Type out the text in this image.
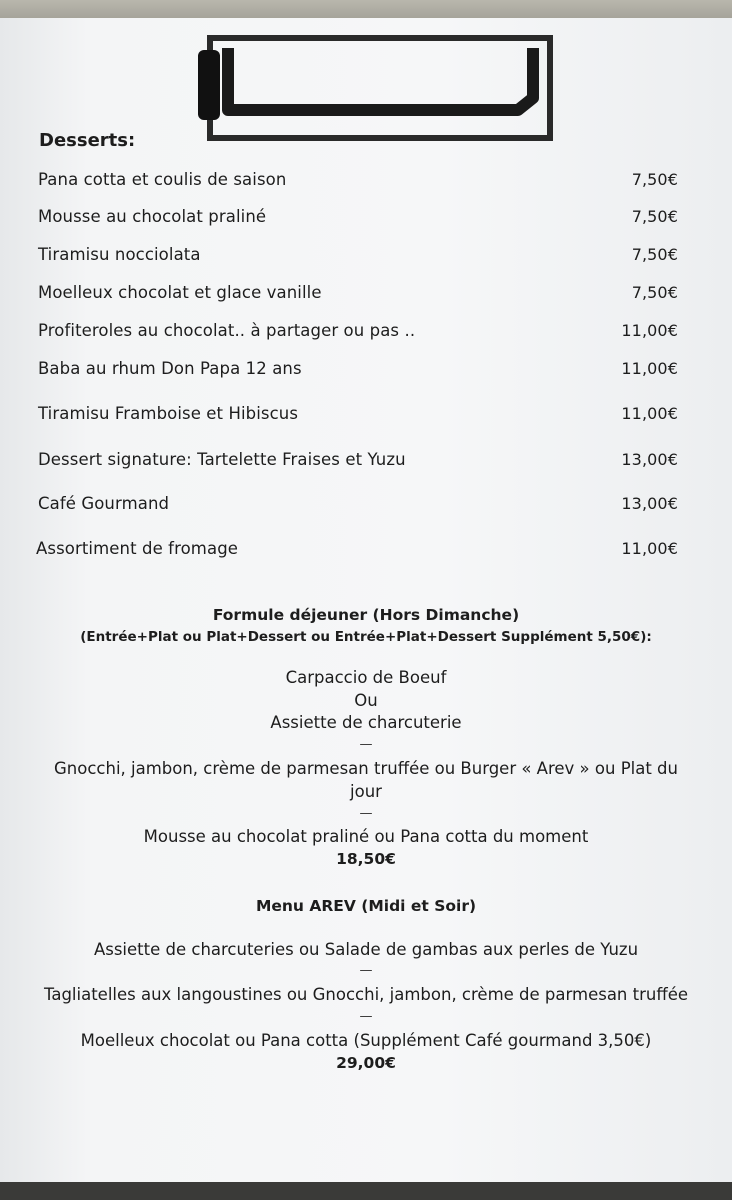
Desserts:
Pana cotta et coulis de saison	7,50€
Mousse au chocolat praliné	7,50€
Tiramisu nocciolata	7,50€
Moelleux chocolat et glace vanille	7,50€
Profiteroles au chocolat.. à partager ou pas ..	11,00€
Baba au rhum Don Papa 12 ans	11,00€
Tiramisu Framboise et Hibiscus	11,00€
Dessert signature: Tartelette Fraises et Yuzu	13,00€
Café Gourmand	13,00€
Assortiment de fromage	11,00€
Formule déjeuner (Hors Dimanche)
(Entrée+Plat ou Plat+Dessert ou Entrée+Plat+Dessert Supplément 5,50€):
Carpaccio de Boeuf
Ou
Assiette de charcuterie
—
Gnocchi, jambon, crème de parmesan truffée ou Burger « Arev » ou Plat du
jour
—
Mousse au chocolat praliné ou Pana cotta du moment
18,50€
Menu AREV (Midi et Soir)
Assiette de charcuteries ou Salade de gambas aux perles de Yuzu
—
Tagliatelles aux langoustines ou Gnocchi, jambon, crème de parmesan truffée
—
Moelleux chocolat ou Pana cotta (Supplément Café gourmand 3,50€)
29,00€
